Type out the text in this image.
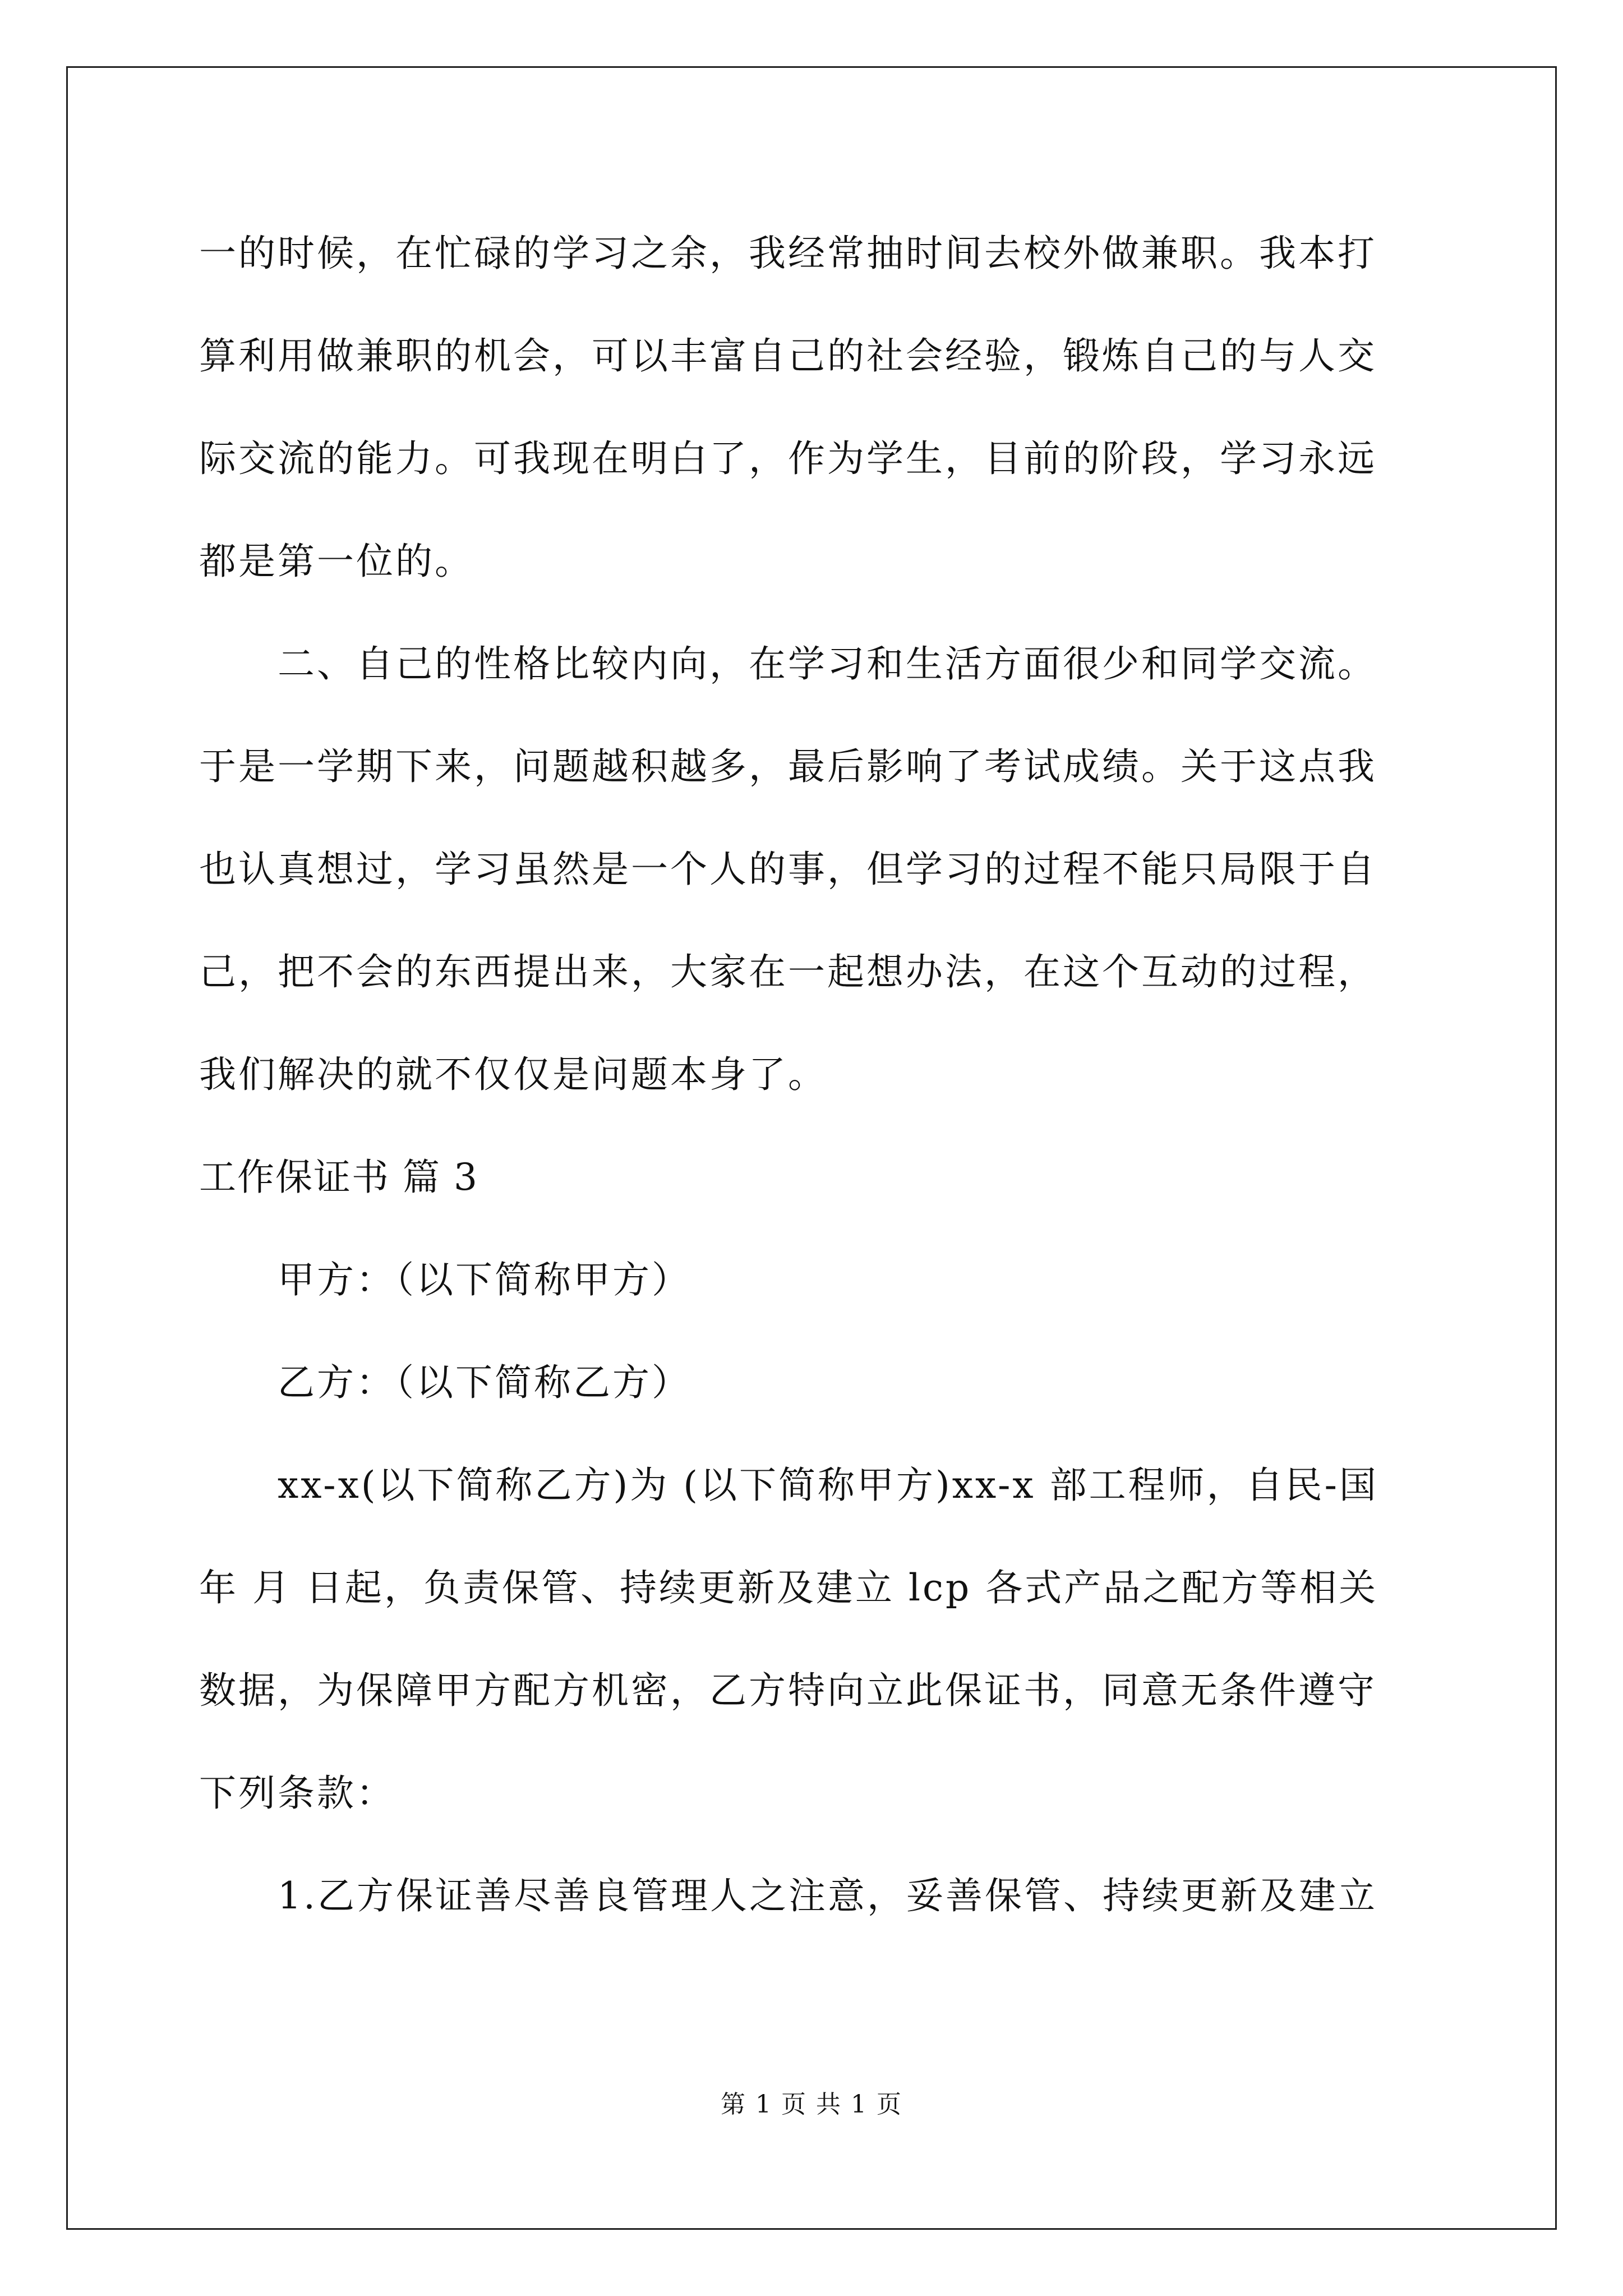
一的时候，在忙碌的学习之余，我经常抽时间去校外做兼职。我本打
算利用做兼职的机会，可以丰富自己的社会经验，锻炼自己的与人交
际交流的能力。可我现在明白了，作为学生，目前的阶段，学习永远
都是第一位的。
二、自己的性格比较内向，在学习和生活方面很少和同学交流。
于是一学期下来，问题越积越多，最后影响了考试成绩。关于这点我
也认真想过，学习虽然是一个人的事，但学习的过程不能只局限于自
己，把不会的东西提出来，大家在一起想办法，在这个互动的过程，
我们解决的就不仅仅是问题本身了。
工作保证书 篇 3
甲方：（以下简称甲方）
乙方：（以下简称乙方）
xx-x(以下简称乙方)为 (以下简称甲方)xx-x 部工程师，自民-国
年 月 日起，负责保管、持续更新及建立 lcp 各式产品之配方等相关
数据，为保障甲方配方机密，乙方特向立此保证书，同意无条件遵守
下列条款：
1.乙方保证善尽善良管理人之注意，妥善保管、持续更新及建立
第 1 页 共 1 页
